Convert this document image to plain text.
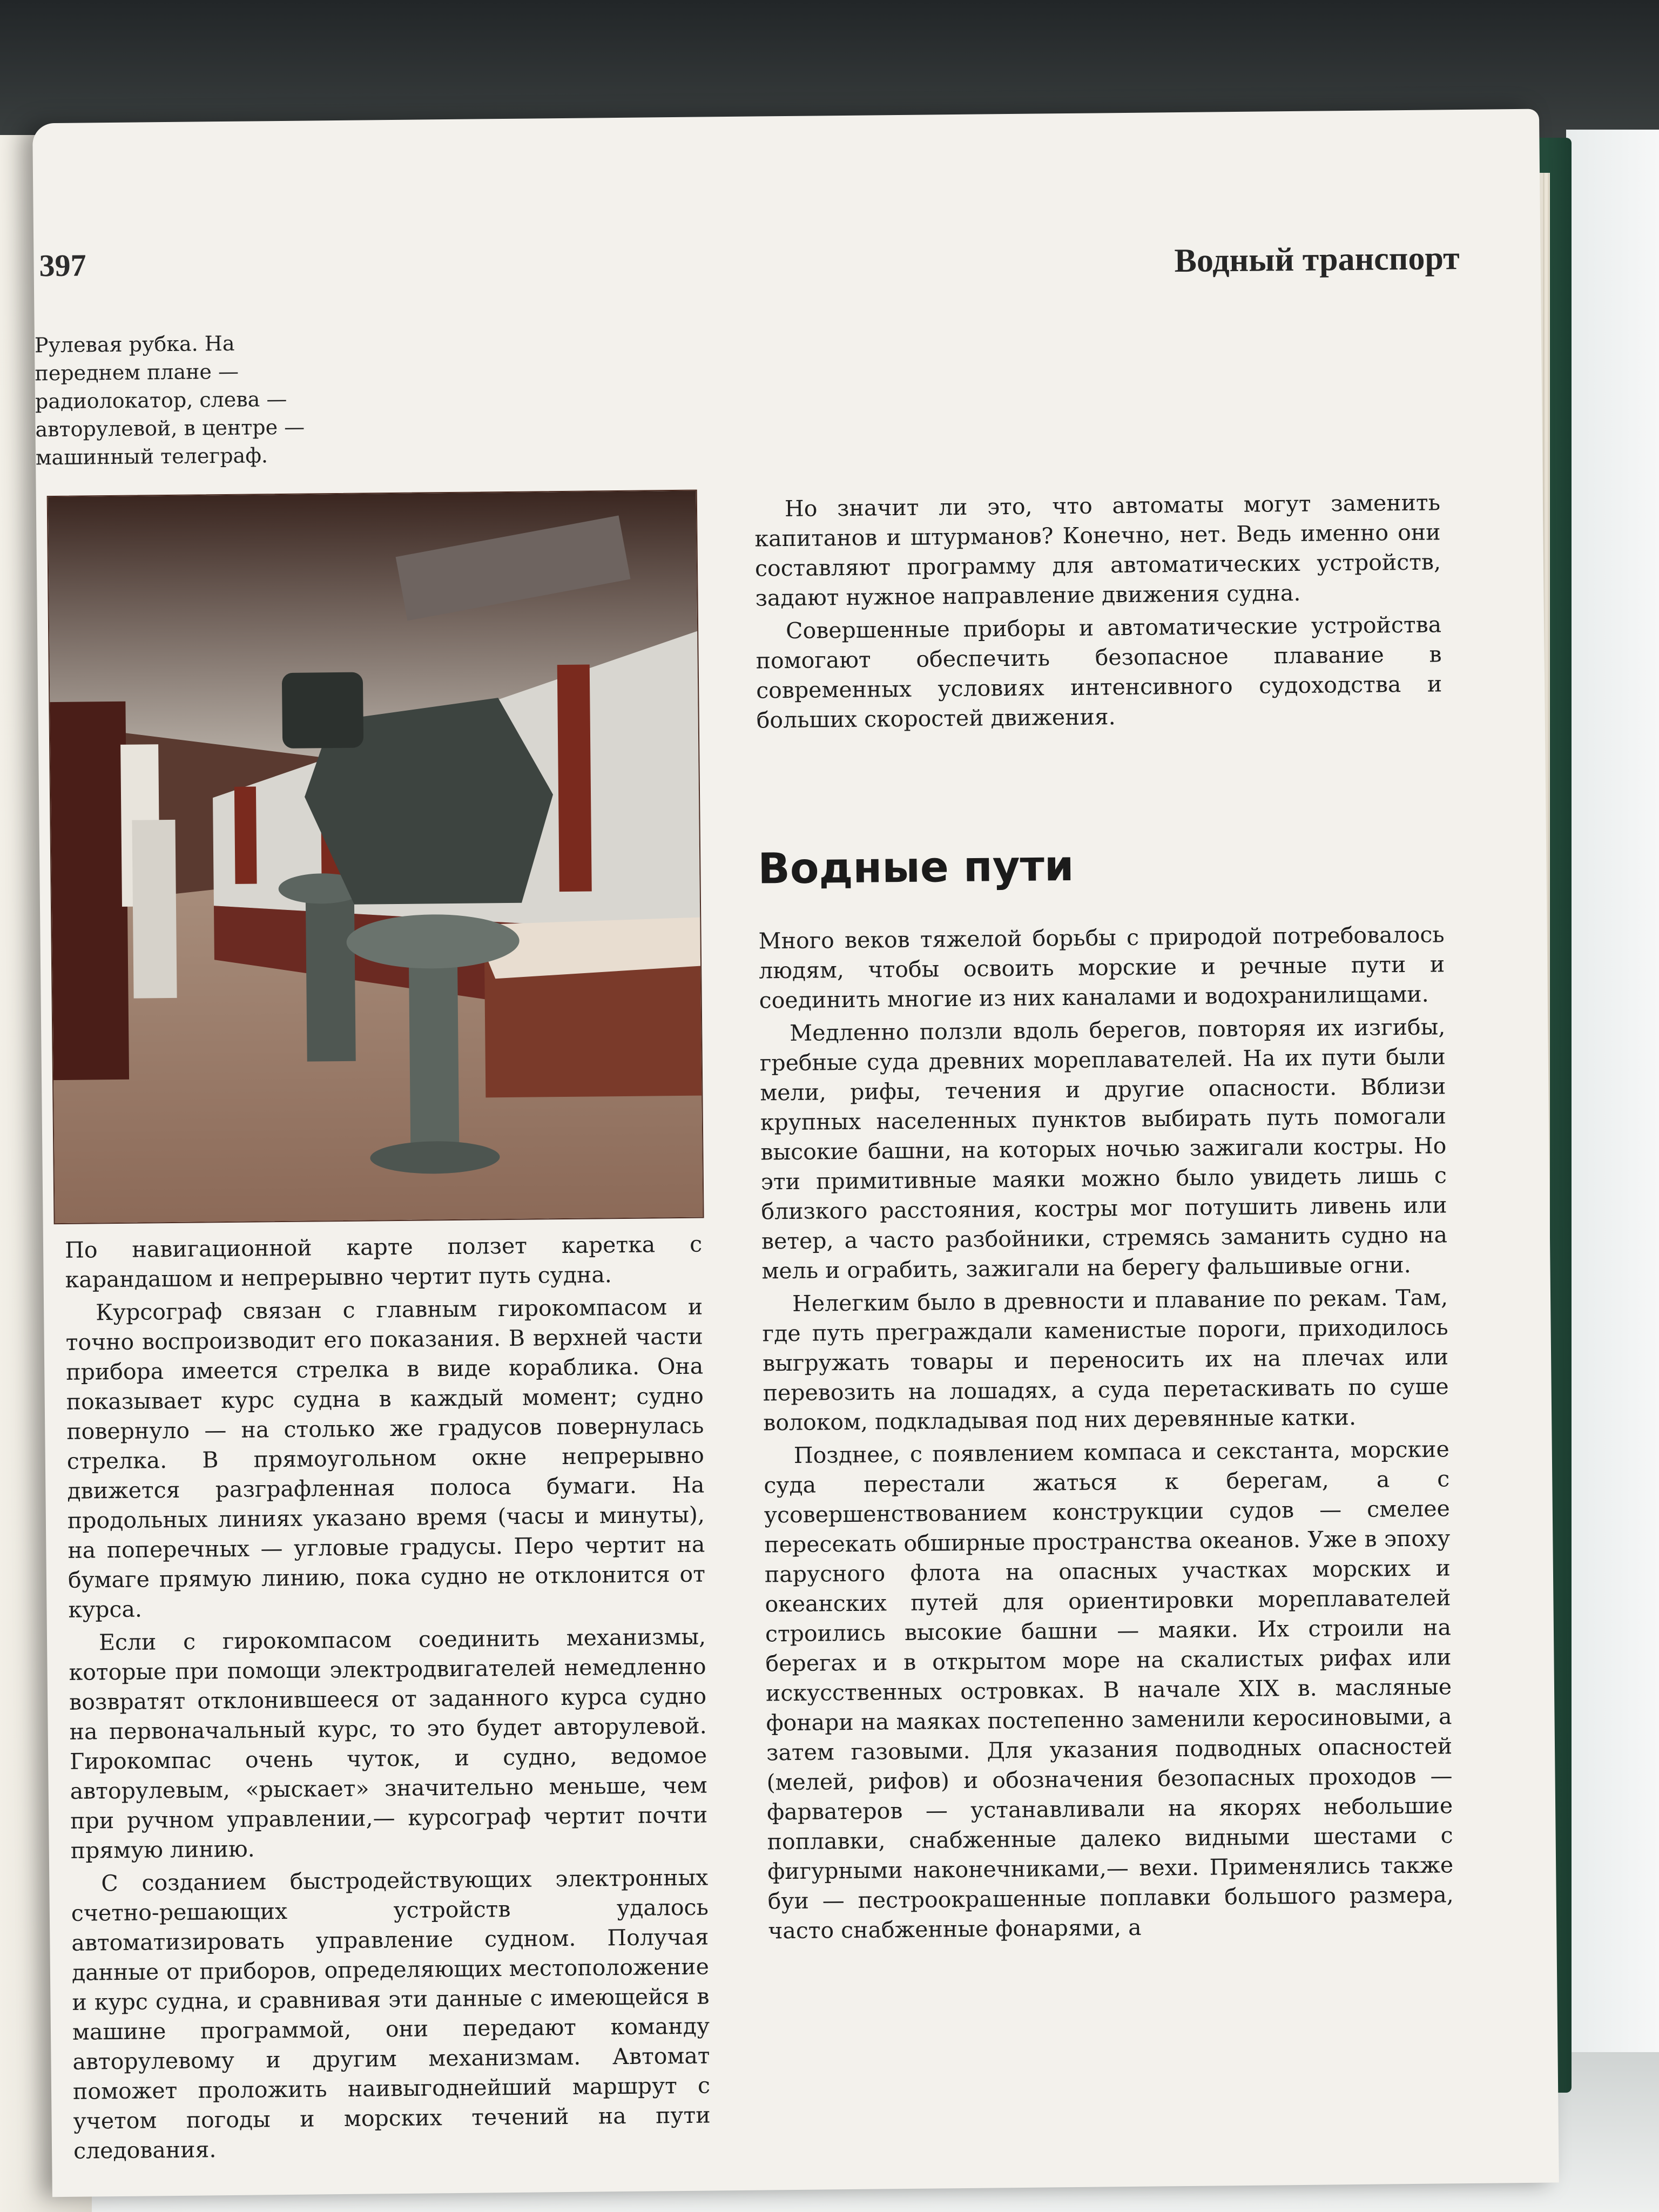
397	Водный транспорт
Рулевая рубка. На переднем плане — радиолокатор, слева — авторулевой, в центре — машинный телеграф.

По навигационной карте ползет каретка с карандашом и непрерывно чертит путь судна.

Курсограф связан с главным гирокомпасом и точно воспроизводит его показания. В верхней части прибора имеется стрелка в виде кораблика. Она показывает курс судна в каждый момент; судно повернуло — на столько же градусов повернулась стрелка. В прямоугольном окне непрерывно движется разграфленная полоса бумаги. На продольных линиях указано время (часы и минуты), на поперечных — угловые градусы. Перо чертит на бумаге прямую линию, пока судно не отклонится от курса.

Если с гирокомпасом соединить механизмы, которые при помощи электродвигателей немедленно возвратят отклонившееся от заданного курса судно на первоначальный курс, то это будет авторулевой. Гирокомпас очень чуток, и судно, ведомое авторулевым, «рыскает» значительно меньше, чем при ручном управлении,— курсограф чертит почти прямую линию.

С созданием быстродействующих электронных счетно-решающих устройств удалось автоматизировать управление судном. Получая данные от приборов, определяющих местоположение и курс судна, и сравнивая эти данные с имеющейся в машине программой, они передают команду авторулевому и другим механизмам. Автомат поможет проложить наивыгоднейший маршрут с учетом погоды и морских течений на пути следования.

Но значит ли это, что автоматы могут заменить капитанов и штурманов? Конечно, нет. Ведь именно они составляют программу для автоматических устройств, задают нужное направление движения судна.

Совершенные приборы и автоматические устройства помогают обеспечить безопасное плавание в современных условиях интенсивного судоходства и больших скоростей движения.

Водные пути

Много веков тяжелой борьбы с природой потребовалось людям, чтобы освоить морские и речные пути и соединить многие из них каналами и водохранилищами.

Медленно ползли вдоль берегов, повторяя их изгибы, гребные суда древних мореплавателей. На их пути были мели, рифы, течения и другие опасности. Вблизи крупных населенных пунктов выбирать путь помогали высокие башни, на которых ночью зажигали костры. Но эти примитивные маяки можно было увидеть лишь с близкого расстояния, костры мог потушить ливень или ветер, а часто разбойники, стремясь заманить судно на мель и ограбить, зажигали на берегу фальшивые огни.

Нелегким было в древности и плавание по рекам. Там, где путь преграждали каменистые пороги, приходилось выгружать товары и переносить их на плечах или перевозить на лошадях, а суда перетаскивать по суше волоком, подкладывая под них деревянные катки.

Позднее, с появлением компаса и секстанта, морские суда перестали жаться к берегам, а с усовершенствованием конструкции судов — смелее пересекать обширные пространства океанов. Уже в эпоху парусного флота на опасных участках морских и океанских путей для ориентировки мореплавателей строились высокие башни — маяки. Их строили на берегах и в открытом море на скалистых рифах или искусственных островках. В начале XIX в. масляные фонари на маяках постепенно заменили керосиновыми, а затем газовыми. Для указания подводных опасностей (мелей, рифов) и обозначения безопасных проходов — фарватеров — устанавливали на якорях небольшие поплавки, снабженные далеко видными шестами с фигурными наконечниками,— вехи. Применялись также буи — пестроокрашенные поплавки большого размера, часто снабженные фонарями, а
